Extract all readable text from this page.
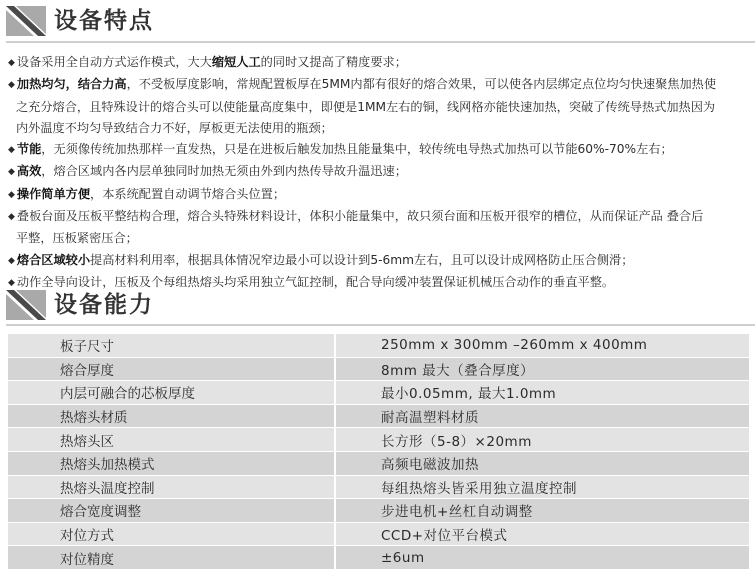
设备特点
◆ 设备采用全自动方式运作模式，大大缩短人工的同时又提高了精度要求；
◆ 加热均匀，结合力高，不受板厚度影响，常规配置板厚在5MM内都有很好的熔合效果，可以使各内层绑定点位均匀快速聚焦加热使
之充分熔合，且特殊设计的熔合头可以使能量高度集中，即便是1MM左右的铜，线网格亦能快速加热，突破了传统导热式加热因为
内外温度不均匀导致结合力不好，厚板更无法使用的瓶颈；
◆ 节能，无须像传统加热那样一直发热，只是在进板后触发加热且能量集中，较传统电导热式加热可以节能60%-70%左右；
◆ 高效，熔合区域内各内层单独同时加热无须由外到内热传导故升温迅速；
◆ 操作简单方便，本系统配置自动调节熔合头位置；
◆ 叠板台面及压板平整结构合理，熔合头特殊材料设计，体积小能量集中，故只须台面和压板开很窄的槽位，从而保证产品 叠合后
平整，压板紧密压合；
◆ 熔合区域较小提高材料利用率，根据具体情况窄边最小可以设计到5-6mm左右，且可以设计成网格防止压合侧滑；
◆ 动作全导向设计，压板及个每组热熔头均采用独立气缸控制，配合导向缓冲装置保证机械压合动作的垂直平整。
设备能力
板子尺寸	250mm x 300mm –260mm x 400mm
熔合厚度	8mm 最大（叠合厚度）
内层可融合的芯板厚度	最小0.05mm, 最大1.0mm
热熔头材质	耐高温塑料材质
热熔头区	长方形（5-8）×20mm
热熔头加热模式	高频电磁波加热
热熔头温度控制	每组热熔头皆采用独立温度控制
熔合宽度调整	步进电机+丝杠自动调整
对位方式	CCD+对位平台模式
对位精度	±6um
